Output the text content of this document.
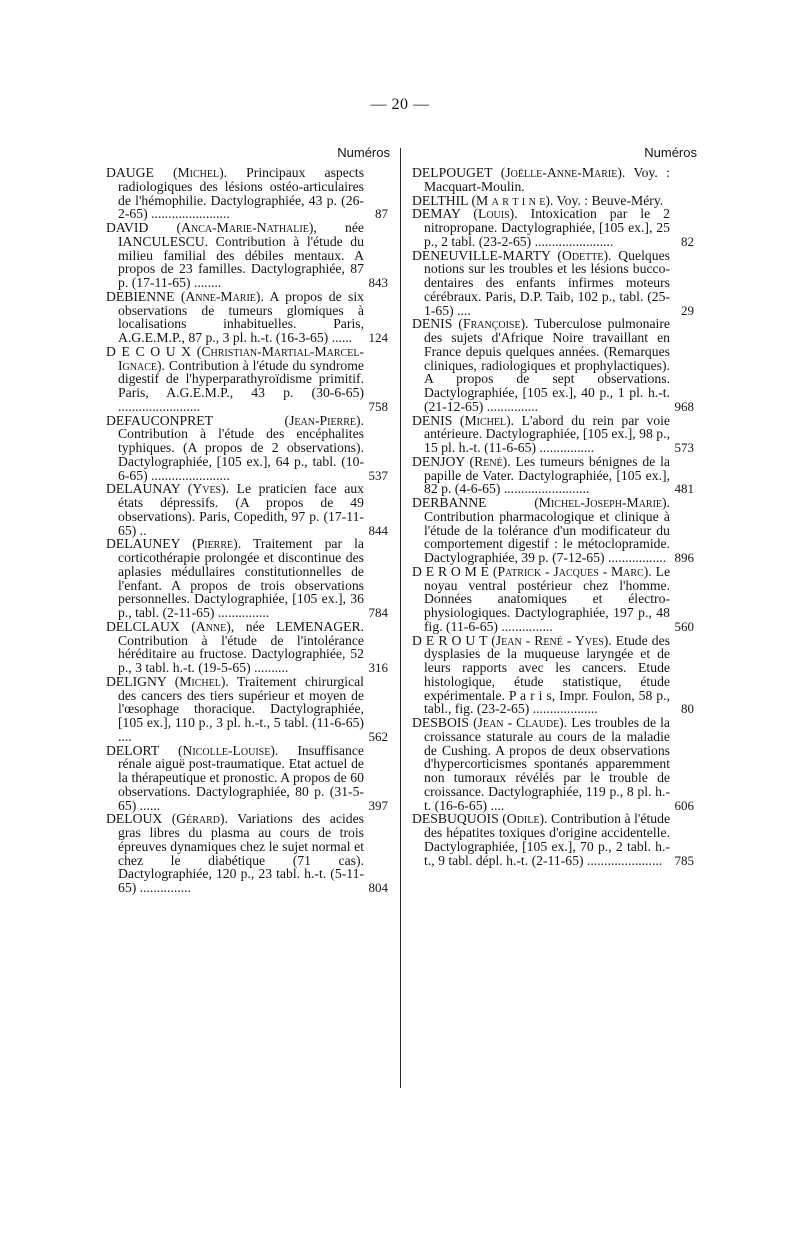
— 20 —
Numéros	Numéros
DAUGE (Michel). Principaux aspects radiologiques des lésions ostéo-articulaires de l'hémophilie. Dactylographiée, 43 p. (26-2-65) .......................	87
DAVID (Anca-Marie-Nathalie), née IANCULESCU. Contribution à l'étude du milieu familial des débiles mentaux. A propos de 23 familles. Dactylographiée, 87 p. (17-11-65) ........	843
DEBIENNE (Anne-Marie). A propos de six observations de tumeurs glomiques à localisations inhabituelles. Paris, A.G.E.M.P., 87 p., 3 pl. h.-t. (16-3-65) ......	124
D E C O U X (Christian-Martial-Marcel-Ignace). Contribution à l'étude du syndrome digestif de l'hyperparathyroïdisme primitif. Paris, A.G.E.M.P., 43 p. (30-6-65) ........................	758
DEFAUCONPRET	(Jean-Pierre). Contribution à l'étude des encéphalites typhiques. (A propos de 2 observations). Dactylographiée, [105 ex.], 64 p., tabl. (10-6-65) .......................	537
DELAUNAY (Yves). Le praticien face aux états dépressifs. (A propos de 49 observations). Paris, Copedith, 97 p. (17-11-65) ..	844
DELAUNEY (Pierre). Traitement par la corticothérapie prolongée et discontinue des aplasies médullaires constitutionnelles de l'enfant. A propos de trois observations personnelles. Dactylographiée, [105 ex.], 36 p., tabl. (2-11-65) ...............	784
DELCLAUX (Anne), née LEMENAGER. Contribution à l'étude de l'intolérance héréditaire au fructose. Dactylographiée, 52 p., 3 tabl. h.-t. (19-5-65) ..........	316
DELIGNY (Michel). Traitement chirurgical des cancers des tiers supérieur et moyen de l'œsophage thoracique. Dactylographiée, [105 ex.], 110 p., 3 pl. h.-t., 5 tabl. (11-6-65) ....	562
DELORT (Nicolle-Louise). Insuffisance rénale aiguë post-traumatique. Etat actuel de la thérapeutique et pronostic. A propos de 60 observations. Dactylographiée, 80 p. (31-5-65) ......	397
DELOUX (Gérard). Variations des acides gras libres du plasma au cours de trois épreuves dynamiques chez le sujet normal et chez le diabétique (71 cas). Dactylographiée, 120 p., 23 tabl. h.-t. (5-11-65) ...............	804
DELPOUGET (Joëlle-Anne-Marie). Voy. : Macquart-Moulin.
DELTHIL (M a r t i n e). Voy. : Beuve-Méry.
DEMAY (Louis). Intoxication par le 2 nitropropane. Dactylographiée, [105 ex.], 25 p., 2 tabl. (23-2-65) .......................	82
DENEUVILLE-MARTY (Odette). Quelques notions sur les troubles et les lésions bucco-dentaires des enfants infirmes moteurs cérébraux. Paris, D.P. Taib, 102 p., tabl. (25-1-65) ....	29
DENIS (Françoise). Tuberculose pulmonaire des sujets d'Afrique Noire travaillant en France depuis quelques années. (Remarques cliniques, radiologiques et prophylactiques). A propos de sept observations. Dactylographiée, [105 ex.], 40 p., 1 pl. h.-t. (21-12-65) ...............	968
DENIS (Michel). L'abord du rein par voie antérieure. Dactylographiée, [105 ex.], 98 p., 15 pl. h.-t. (11-6-65) ................	573
DENJOY (René). Les tumeurs bénignes de la papille de Vater. Dactylographiée, [105 ex.], 82 p. (4-6-65) .........................	481
DERBANNE	(Michel-Joseph-Marie). Contribution pharmacologique et clinique à l'étude de la tolérance d'un modificateur du comportement digestif : le métoclopramide. Dactylographiée, 39 p. (7-12-65) ................. 896
D E R O M E (Patrick - Jacques - Marc). Le noyau ventral postérieur chez l'homme. Données anatomiques et électro-physiologiques. Dactylographiée, 197 p., 48 fig. (11-6-65) ...............	560
D E R O U T (Jean - René - Yves). Etude des dysplasies de la muqueuse laryngée et de leurs rapports avec les cancers. Etude histologique, étude statistique, étude expérimentale. P a r i s, Impr. Foulon, 58 p., tabl., fig. (23-2-65) ...................	80
DESBOIS (Jean - Claude). Les troubles de la croissance staturale au cours de la maladie de Cushing. A propos de deux observations d'hypercorticismes spontanés apparemment non tumoraux révélés par le trouble de croissance. Dactylographiée, 119 p., 8 pl. h.-t. (16-6-65) ....	606
DESBUQUOIS (Odile). Contribution à l'étude des hépatites toxiques d'origine accidentelle. Dactylographiée, [105 ex.], 70 p., 2 tabl. h.-t., 9 tabl. dépl. h.-t. (2-11-65) ...................... 785
